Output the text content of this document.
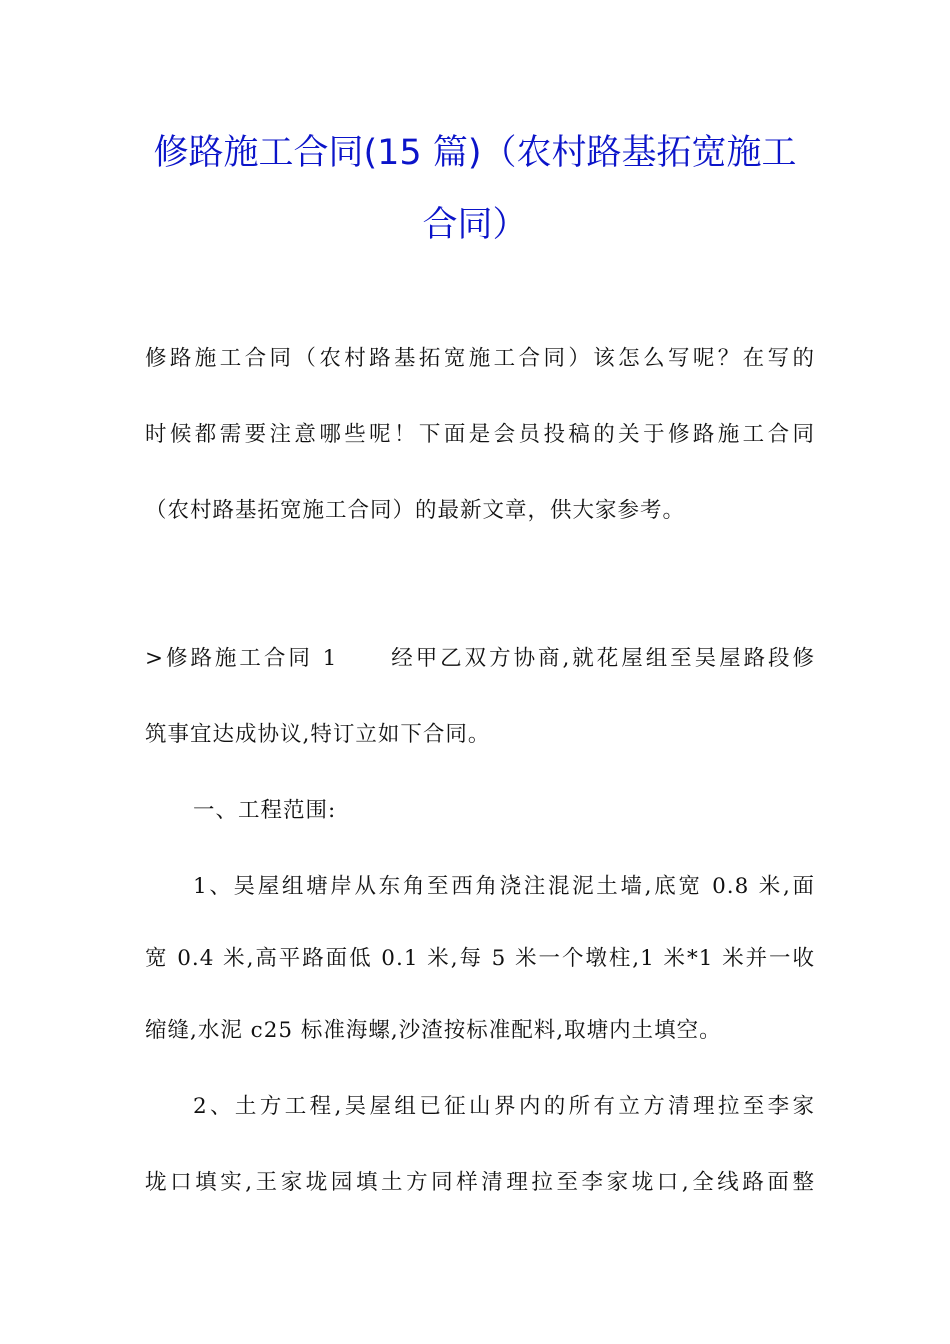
修路施工合同(15 篇)（农村路基拓宽施工
合同）
修路施工合同（农村路基拓宽施工合同）该怎么写呢？在写的
时候都需要注意哪些呢！下面是会员投稿的关于修路施工合同
（农村路基拓宽施工合同）的最新文章，供大家参考。
>修路施工合同 1 经甲乙双方协商,就花屋组至吴屋路段修
筑事宜达成协议,特订立如下合同。
一、工程范围:
1、吴屋组塘岸从东角至西角浇注混泥土墙,底宽 0.8 米,面
宽 0.4 米,高平路面低 0.1 米,每 5 米一个墩柱,1 米*1 米并一收
缩缝,水泥 c25 标准海螺,沙渣按标准配料,取塘内土填空。
2、土方工程,吴屋组已征山界内的所有立方清理拉至李家
垅口填实,王家垅园填土方同样清理拉至李家垅口,全线路面整
